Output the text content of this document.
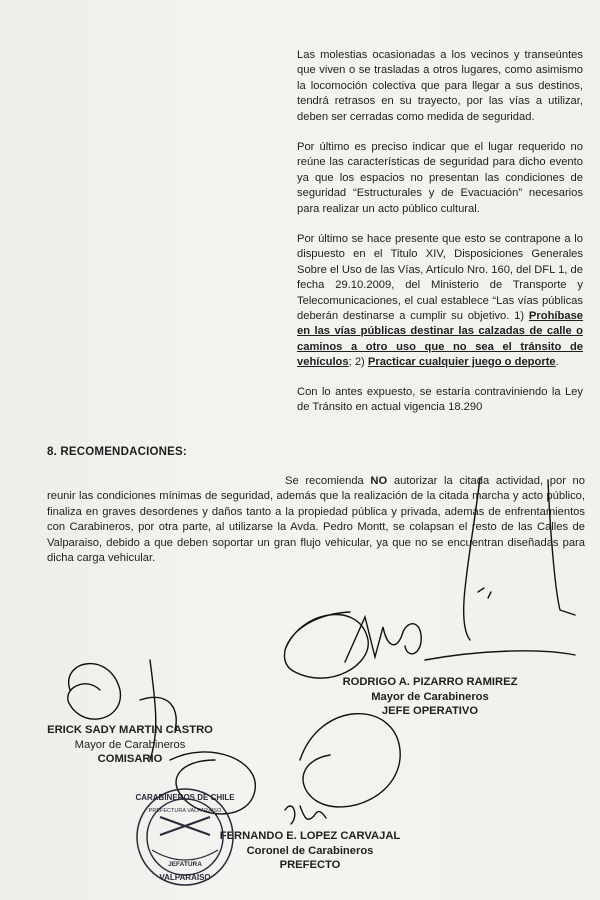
Las molestias ocasionadas a los vecinos y transeúntes que viven o se trasladas a otros lugares, como asimismo la locomoción colectiva que para llegar a sus destinos, tendrá retrasos en su trayecto, por las vías a utilizar, deben ser cerradas como medida de seguridad.

Por último es preciso indicar que el lugar requerido no reúne las características de seguridad para dicho evento ya que los espacios no presentan las condiciones de seguridad “Estructurales y de Evacuación” necesarios para realizar un acto público cultural.

Por último se hace presente que esto se contrapone a lo dispuesto en el Titulo XIV, Disposiciones Generales Sobre el Uso de las Vías, Artículo Nro. 160, del DFL 1, de fecha 29.10.2009, del Ministerio de Transporte y Telecomunicaciones, el cual establece “Las vías públicas deberán destinarse a cumplir su objetivo. 1) Prohíbase en las vías públicas destinar las calzadas de calle o caminos a otro uso que no sea el tránsito de vehículos; 2) Practicar cualquier juego o deporte.

Con lo antes expuesto, se estaría contraviniendo la Ley de Tránsito en actual vigencia 18.290

8. RECOMENDACIONES:

Se recomienda NO autorizar la citada actividad, por no reunir las condiciones mínimas de seguridad, además que la realización de la citada marcha y acto público, finaliza en graves desordenes y daños tanto a la propiedad pública y privada, además de enfrentamientos con Carabineros, por otra parte, al utilizarse la Avda. Pedro Montt, se colapsan el resto de las Calles de Valparaiso, debido a que deben soportar un gran flujo vehicular, ya que no se encuentran diseñadas para dicha carga vehicular.

RODRIGO A. PIZARRO RAMIREZ
Mayor de Carabineros
JEFE OPERATIVO
ERICK SADY MARTIN CASTRO
Mayor de Carabineros
COMISARIO
FERNANDO E. LOPEZ CARVAJAL
Coronel de Carabineros
PREFECTO
CARABINEROS DE CHILE
PREFECTURA VALPARAISO
JEFATURA
VALPARAISO
